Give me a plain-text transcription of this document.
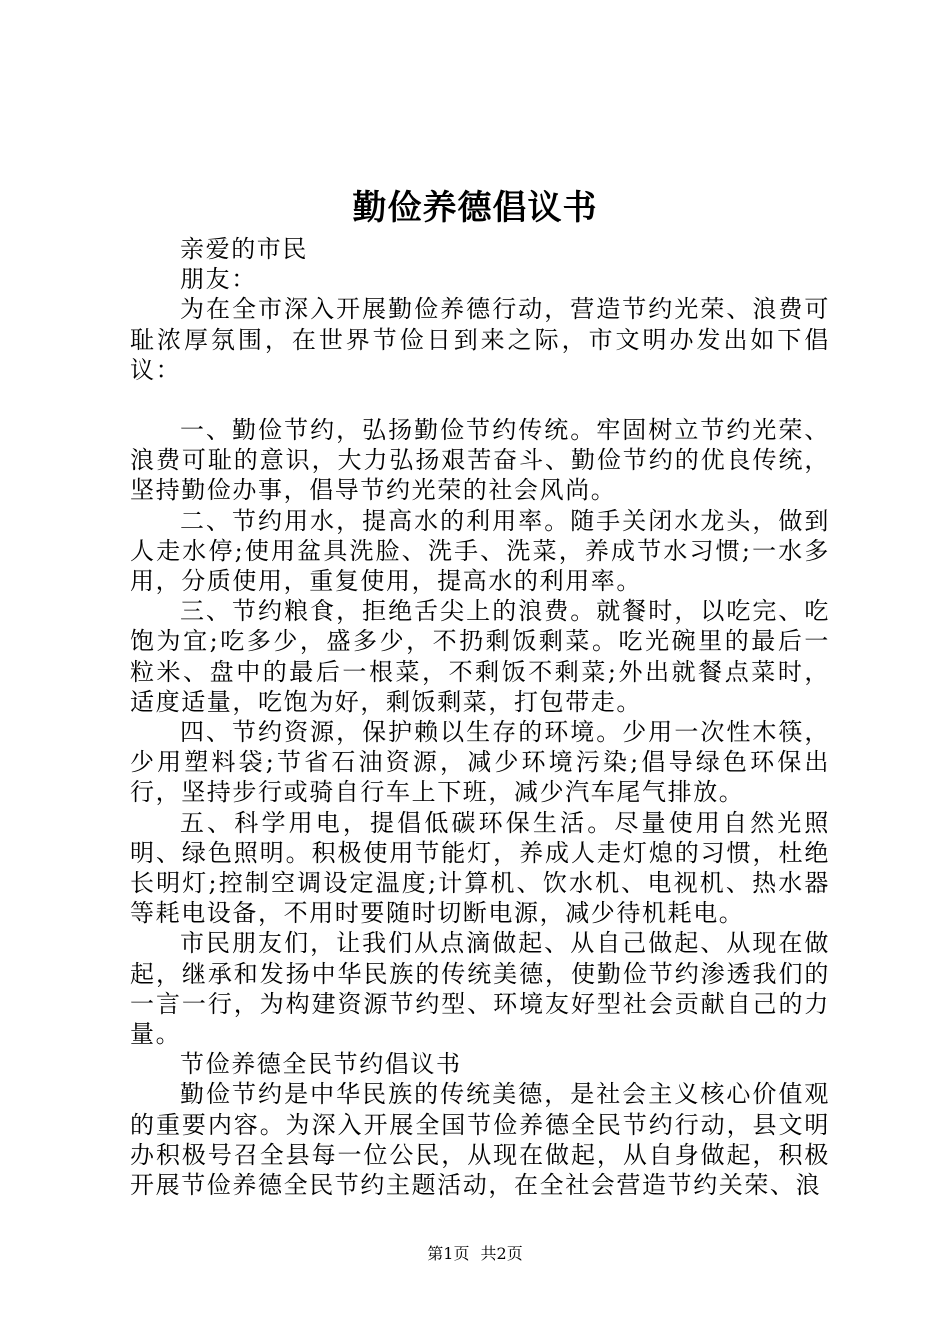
勤俭养德倡议书

亲爱的市民

朋友：

为在全市深入开展勤俭养德行动，营造节约光荣、浪费可耻浓厚氛围，在世界节俭日到来之际，市文明办发出如下倡议：

一、勤俭节约，弘扬勤俭节约传统。牢固树立节约光荣、浪费可耻的意识，大力弘扬艰苦奋斗、勤俭节约的优良传统，坚持勤俭办事，倡导节约光荣的社会风尚。

二、节约用水，提高水的利用率。随手关闭水龙头，做到人走水停;使用盆具洗脸、洗手、洗菜，养成节水习惯;一水多用，分质使用，重复使用，提高水的利用率。

三、节约粮食，拒绝舌尖上的浪费。就餐时，以吃完、吃饱为宜;吃多少，盛多少，不扔剩饭剩菜。吃光碗里的最后一粒米、盘中的最后一根菜，不剩饭不剩菜;外出就餐点菜时，适度适量，吃饱为好，剩饭剩菜，打包带走。

四、节约资源，保护赖以生存的环境。少用一次性木筷，少用塑料袋;节省石油资源，减少环境污染;倡导绿色环保出行，坚持步行或骑自行车上下班，减少汽车尾气排放。

五、科学用电，提倡低碳环保生活。尽量使用自然光照明、绿色照明。积极使用节能灯，养成人走灯熄的习惯，杜绝长明灯;控制空调设定温度;计算机、饮水机、电视机、热水器等耗电设备，不用时要随时切断电源，减少待机耗电。

市民朋友们，让我们从点滴做起、从自己做起、从现在做起，继承和发扬中华民族的传统美德，使勤俭节约渗透我们的一言一行，为构建资源节约型、环境友好型社会贡献自己的力量。

节俭养德全民节约倡议书

勤俭节约是中华民族的传统美德，是社会主义核心价值观的重要内容。为深入开展全国节俭养德全民节约行动，县文明办积极号召全县每一位公民，从现在做起，从自身做起，积极开展节俭养德全民节约主题活动，在全社会营造节约关荣、浪

第1页 共2页
